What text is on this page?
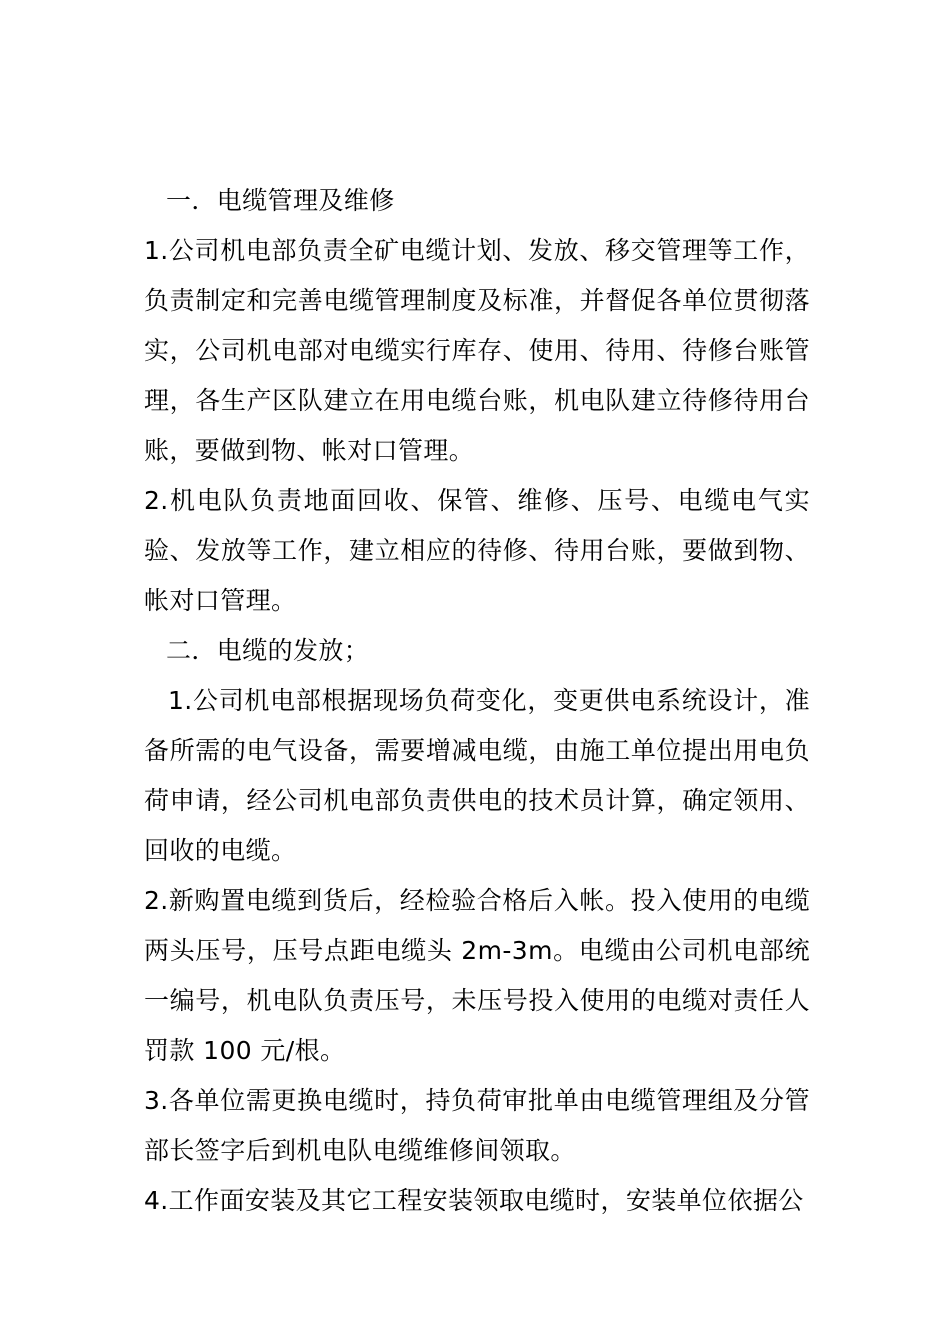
一．电缆管理及维修

1.公司机电部负责全矿电缆计划、发放、移交管理等工作，负责制定和完善电缆管理制度及标准，并督促各单位贯彻落实，公司机电部对电缆实行库存、使用、待用、待修台账管理，各生产区队建立在用电缆台账，机电队建立待修待用台账，要做到物、帐对口管理。

2.机电队负责地面回收、保管、维修、压号、电缆电气实验、发放等工作，建立相应的待修、待用台账，要做到物、帐对口管理。

二．电缆的发放；

1.公司机电部根据现场负荷变化，变更供电系统设计，准备所需的电气设备，需要增减电缆，由施工单位提出用电负荷申请，经公司机电部负责供电的技术员计算，确定领用、回收的电缆。

2.新购置电缆到货后，经检验合格后入帐。投入使用的电缆两头压号，压号点距电缆头 2m-3m。电缆由公司机电部统一编号，机电队负责压号，未压号投入使用的电缆对责任人罚款 100 元/根。

3.各单位需更换电缆时，持负荷审批单由电缆管理组及分管部长签字后到机电队电缆维修间领取。

4.工作面安装及其它工程安装领取电缆时，安装单位依据公
